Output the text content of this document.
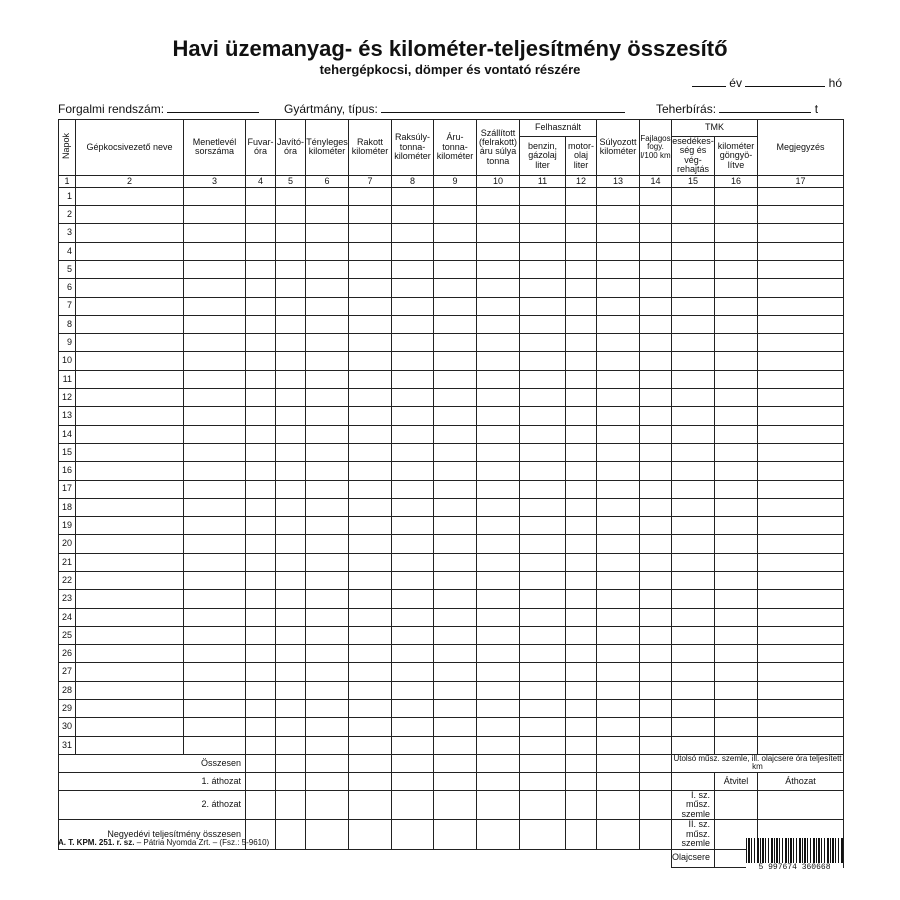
Havi üzemanyag- és kilométer-teljesítmény összesítő
tehergépkocsi, dömper és vontató részére
év	hó
Forgalmi rendszám:	Gyártmány, típus:	Teherbírás:	t
Napok	Gépkocsivezető neve	Menetlevél sorszáma	Fuvar-óra	Javító-óra	Tényleges kilométer	Rakott kilométer	Raksúly-tonna-kilométer	Áru-tonna-kilométer	Szállított (felrakott) áru súlya tonna	Felhasznált		Súlyozott kilométer	Fajlagos fogy. l/100 km	TMK		Megjegyzés
										benzin, gázolaj liter	motor-olaj liter			esedékes-ség és vég-rehajtás	kilométer göngyö-lítve	
1	2	3	4	5	6	7	8	9	10	11	12	13	14	15	16	17
1																
2																
3																
4																
5																
6																
7																
8																
9																
10																
11																
12																
13																
14																
15																
16																
17																
18																
19																
20																
21																
22																
23																
24																
25																
26																
27																
28																
29																
30																
31																
Összesen														Utolsó műsz. szemle, ill. olajcsere óra teljesített km		
1. áthozat															Átvitel	Áthozat
2. áthozat														I. sz. műsz. szemle		
Negyedévi teljesítmény összesen														II. sz. műsz. szemle		
														Olajcsere		
A. T. KPM. 251. r. sz. – Pátria Nyomda Zrt. – (Fsz.: 5-9610)
5 997674 360668
